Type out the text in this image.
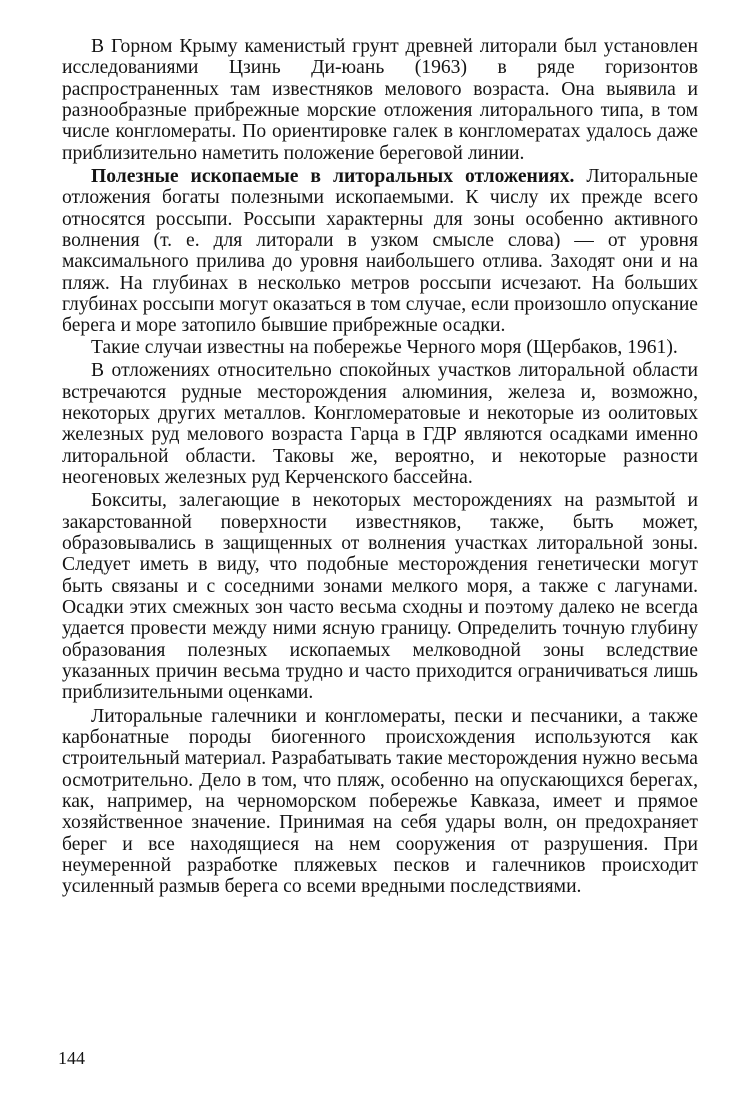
В Горном Крыму каменистый грунт древней литорали был установлен исследованиями Цзинь Ди-юань (1963) в ряде горизонтов распространенных там известняков мелового возраста. Она выявила и разнообразные прибрежные морские отложения литорального типа, в том числе конгломераты. По ориентировке галек в конгломератах удалось даже приблизительно наметить положение береговой линии.

Полезные ископаемые в литоральных отложениях. Литоральные отложения богаты полезными ископаемыми. К числу их прежде всего относятся россыпи. Россыпи характерны для зоны особенно активного волнения (т. е. для литорали в узком смысле слова) — от уровня максимального прилива до уровня наибольшего отлива. Заходят они и на пляж. На глубинах в несколько метров россыпи исчезают. На больших глубинах россыпи могут оказаться в том случае, если произошло опускание берега и море затопило бывшие прибрежные осадки.

Такие случаи известны на побережье Черного моря (Щербаков, 1961).

В отложениях относительно спокойных участков литоральной области встречаются рудные месторождения алюминия, железа и, возможно, некоторых других металлов. Конгломератовые и некоторые из оолитовых железных руд мелового возраста Гарца в ГДР являются осадками именно литоральной области. Таковы же, вероятно, и некоторые разности неогеновых железных руд Керченского бассейна.

Бокситы, залегающие в некоторых месторождениях на размытой и закарстованной поверхности известняков, также, быть может, образовывались в защищенных от волнения участках литоральной зоны. Следует иметь в виду, что подобные месторождения генетически могут быть связаны и с соседними зонами мелкого моря, а также с лагунами. Осадки этих смежных зон часто весьма сходны и поэтому далеко не всегда удается провести между ними ясную границу. Определить точную глубину образования полезных ископаемых мелководной зоны вследствие указанных причин весьма трудно и часто приходится ограничиваться лишь приблизительными оценками.

Литоральные галечники и конгломераты, пески и песчаники, а также карбонатные породы биогенного происхождения используются как строительный материал. Разрабатывать такие месторождения нужно весьма осмотрительно. Дело в том, что пляж, особенно на опускающихся берегах, как, например, на черноморском побережье Кавказа, имеет и прямое хозяйственное значение. Принимая на себя удары волн, он предохраняет берег и все находящиеся на нем сооружения от разрушения. При неумеренной разработке пляжевых песков и галечников происходит усиленный размыв берега со всеми вредными последствиями.

144
